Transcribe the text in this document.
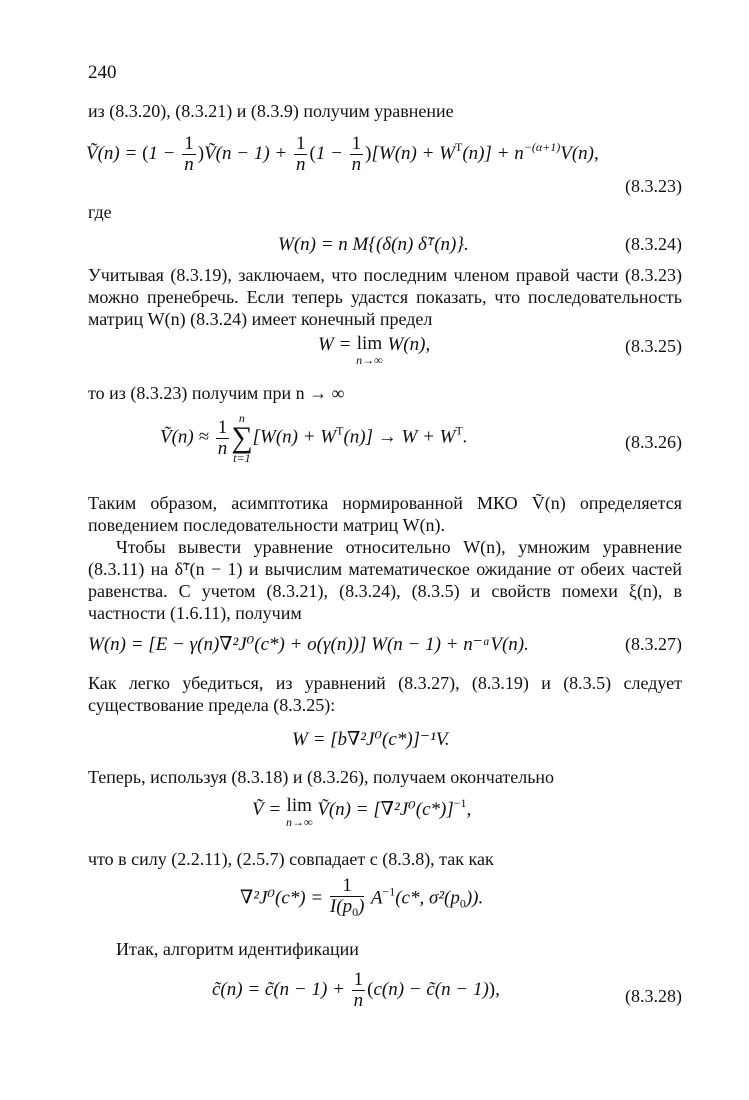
240
из (8.3.20), (8.3.21) и (8.3.9) получим уравнение
Ṽ(n) = ($1 - \frac{1}{n}$ )Ṽ(n − $1) + \frac{1}{n} (1 - \frac{1}{n} )[W(n) + W^T(n)] + n^{-(\alpha+1)}V(n)$,
(8.3.23)
где
W(n) = n M{(δ(n) δ̃ᵀ(n)}.	(8.3.24)
Учитывая (8.3.19), заключаем, что последним членом правой части (8.3.23) можно пренебречь. Если теперь удастся показать, что последовательность матриц W(n) (8.3.24) имеет конечный предел
W = lim
n→∞
W(n),	(8.3.25)
то из (8.3.23) получим при n → ∞
Ṽ(n) ≈ $\frac{1}{n}$ n
∑
t=1
$[W(n) + W^T(n)] \to W + W^T$.	(8.3.26)
Таким образом, асимптотика нормированной МКО Ṽ(n) определяется поведением последовательности матриц W(n).
Чтобы вывести уравнение относительно W(n), умножим уравнение (8.3.11) на δ̃ᵀ(n − 1) и вычислим математическое ожидание от обеих частей равенства. С учетом (8.3.21), (8.3.24), (8.3.5) и свойств помехи ξ(n), в частности (1.6.11), получим
W(n) = [E − γ(n)∇²J⁰(c*) + o(γ(n))] W(n − 1) + n⁻ᵅV(n).	(8.3.27)
Как легко убедиться, из уравнений (8.3.27), (8.3.19) и (8.3.5) следует существование предела (8.3.25):
W = [b∇²J⁰(c*)]⁻¹V.
Теперь, используя (8.3.18) и (8.3.26), получаем окончательно
Ṽ = lim
n→∞
Ṽ(n) = $[\nabla^2J^0(c*)]^{-1}$,
что в силу (2.2.11), (2.5.7) совпадает с (8.3.8), так как
$\nabla^2J^0(c*) = \frac{1}{I(p_0)} A^{-1}(c*$, $\sigma^2(p_0)$).
Итак, алгоритм идентификации
c̃(n) = c̃(n − $1) + \frac{1}{n} (c(n)$ − c̃(n − 1)),	(8.3.28)
